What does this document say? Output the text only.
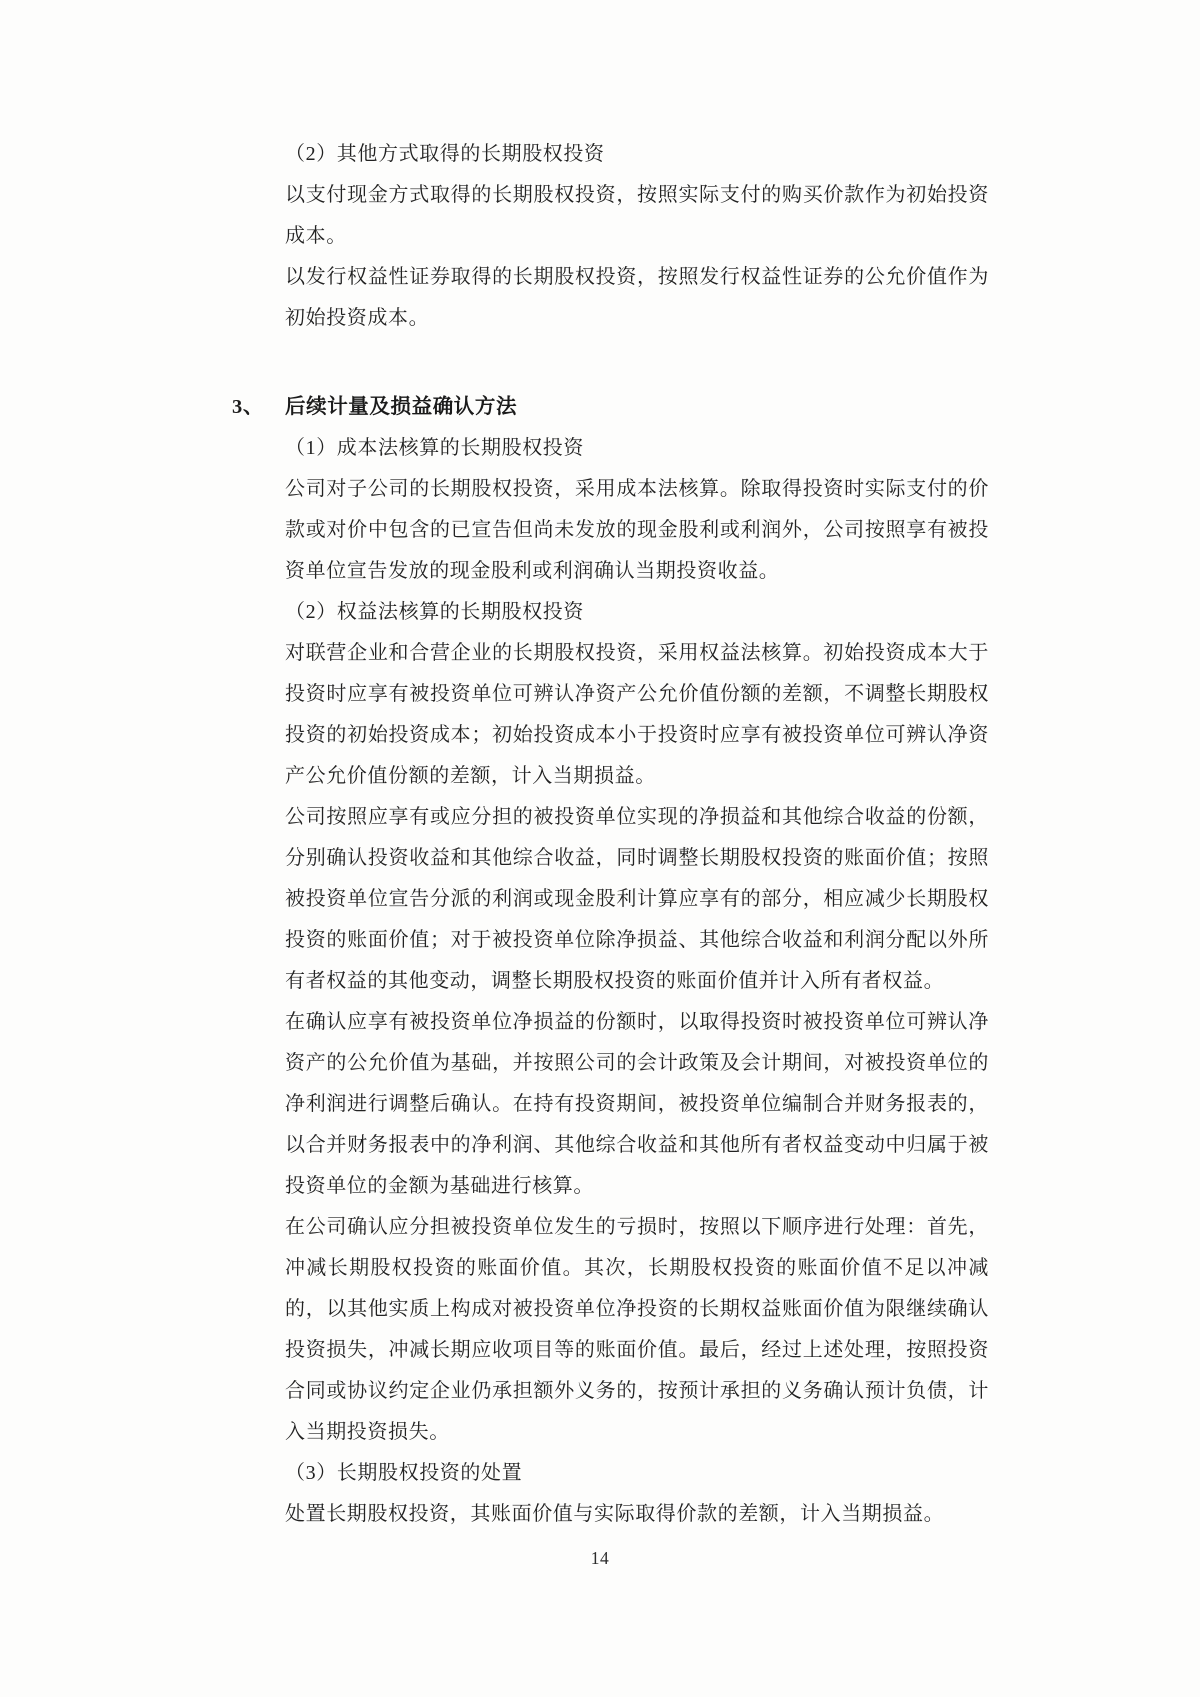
（2）其他方式取得的长期股权投资

以支付现金方式取得的长期股权投资，按照实际支付的购买价款作为初始投资成本。

以发行权益性证券取得的长期股权投资，按照发行权益性证券的公允价值作为初始投资成本。

3、 后续计量及损益确认方法

（1）成本法核算的长期股权投资

公司对子公司的长期股权投资，采用成本法核算。除取得投资时实际支付的价款或对价中包含的已宣告但尚未发放的现金股利或利润外，公司按照享有被投资单位宣告发放的现金股利或利润确认当期投资收益。

（2）权益法核算的长期股权投资

对联营企业和合营企业的长期股权投资，采用权益法核算。初始投资成本大于投资时应享有被投资单位可辨认净资产公允价值份额的差额，不调整长期股权投资的初始投资成本；初始投资成本小于投资时应享有被投资单位可辨认净资产公允价值份额的差额，计入当期损益。

公司按照应享有或应分担的被投资单位实现的净损益和其他综合收益的份额，分别确认投资收益和其他综合收益，同时调整长期股权投资的账面价值；按照被投资单位宣告分派的利润或现金股利计算应享有的部分，相应减少长期股权投资的账面价值；对于被投资单位除净损益、其他综合收益和利润分配以外所有者权益的其他变动，调整长期股权投资的账面价值并计入所有者权益。

在确认应享有被投资单位净损益的份额时，以取得投资时被投资单位可辨认净资产的公允价值为基础，并按照公司的会计政策及会计期间，对被投资单位的净利润进行调整后确认。在持有投资期间，被投资单位编制合并财务报表的，以合并财务报表中的净利润、其他综合收益和其他所有者权益变动中归属于被投资单位的金额为基础进行核算。

在公司确认应分担被投资单位发生的亏损时，按照以下顺序进行处理：首先，冲减长期股权投资的账面价值。其次，长期股权投资的账面价值不足以冲减的，以其他实质上构成对被投资单位净投资的长期权益账面价值为限继续确认投资损失，冲减长期应收项目等的账面价值。最后，经过上述处理，按照投资合同或协议约定企业仍承担额外义务的，按预计承担的义务确认预计负债，计入当期投资损失。

（3）长期股权投资的处置

处置长期股权投资，其账面价值与实际取得价款的差额，计入当期损益。

14
